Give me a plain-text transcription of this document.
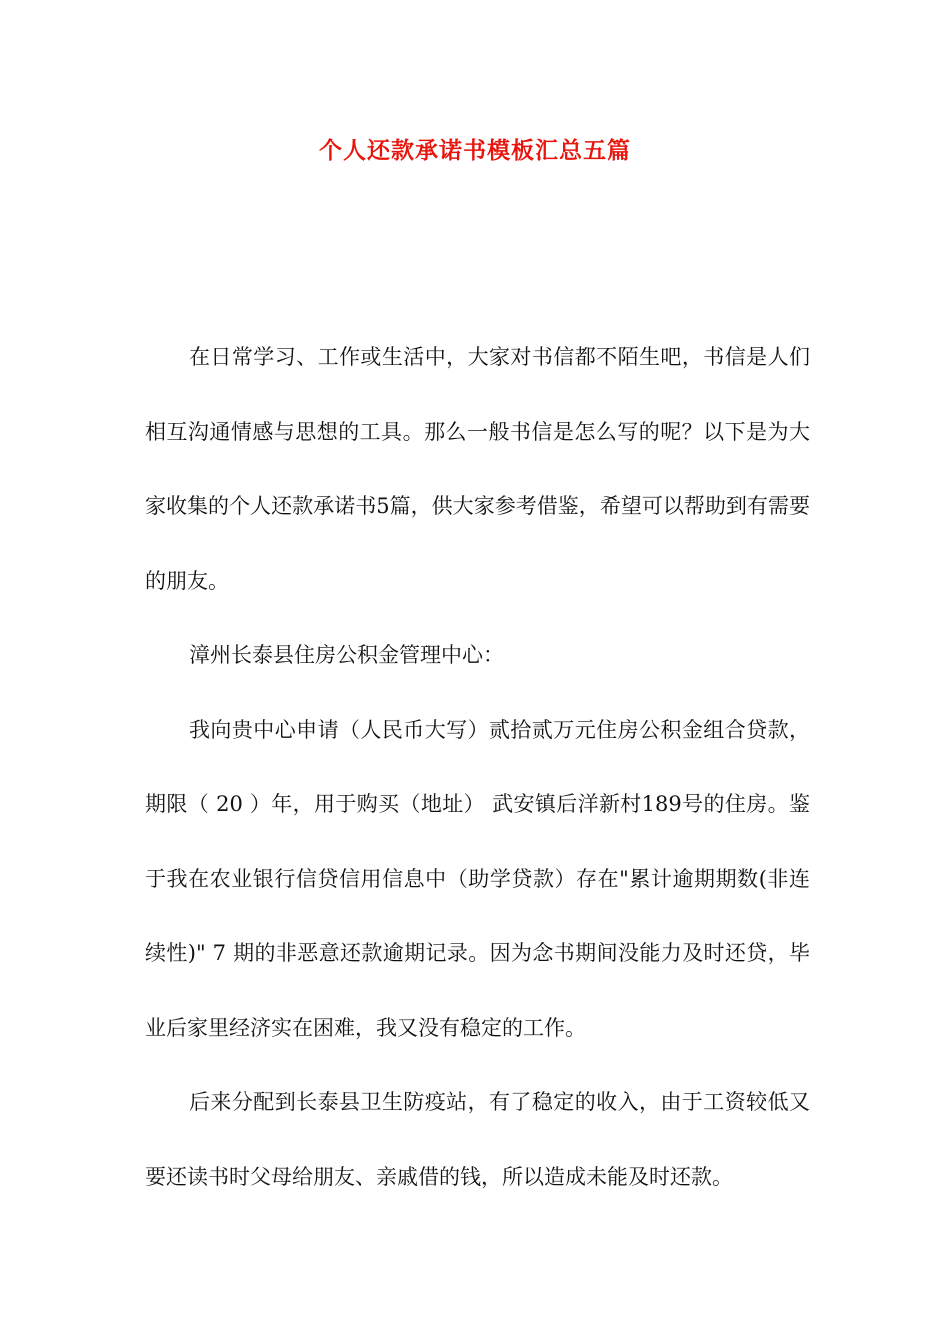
个人还款承诺书模板汇总五篇

在日常学习、工作或生活中，大家对书信都不陌生吧，书信是人们相互沟通情感与思想的工具。那么一般书信是怎么写的呢？以下是为大家收集的个人还款承诺书5篇，供大家参考借鉴，希望可以帮助到有需要的朋友。

漳州长泰县住房公积金管理中心：

我向贵中心申请（人民币大写）贰拾贰万元住房公积金组合贷款，期限（ 20 ）年，用于购买（地址） 武安镇后洋新村189号的住房。鉴于我在农业银行信贷信用信息中（助学贷款）存在"累计逾期期数(非连续性)" 7 期的非恶意还款逾期记录。因为念书期间没能力及时还贷，毕业后家里经济实在困难，我又没有稳定的工作。

后来分配到长泰县卫生防疫站，有了稳定的收入，由于工资较低又要还读书时父母给朋友、亲戚借的钱，所以造成未能及时还款。
